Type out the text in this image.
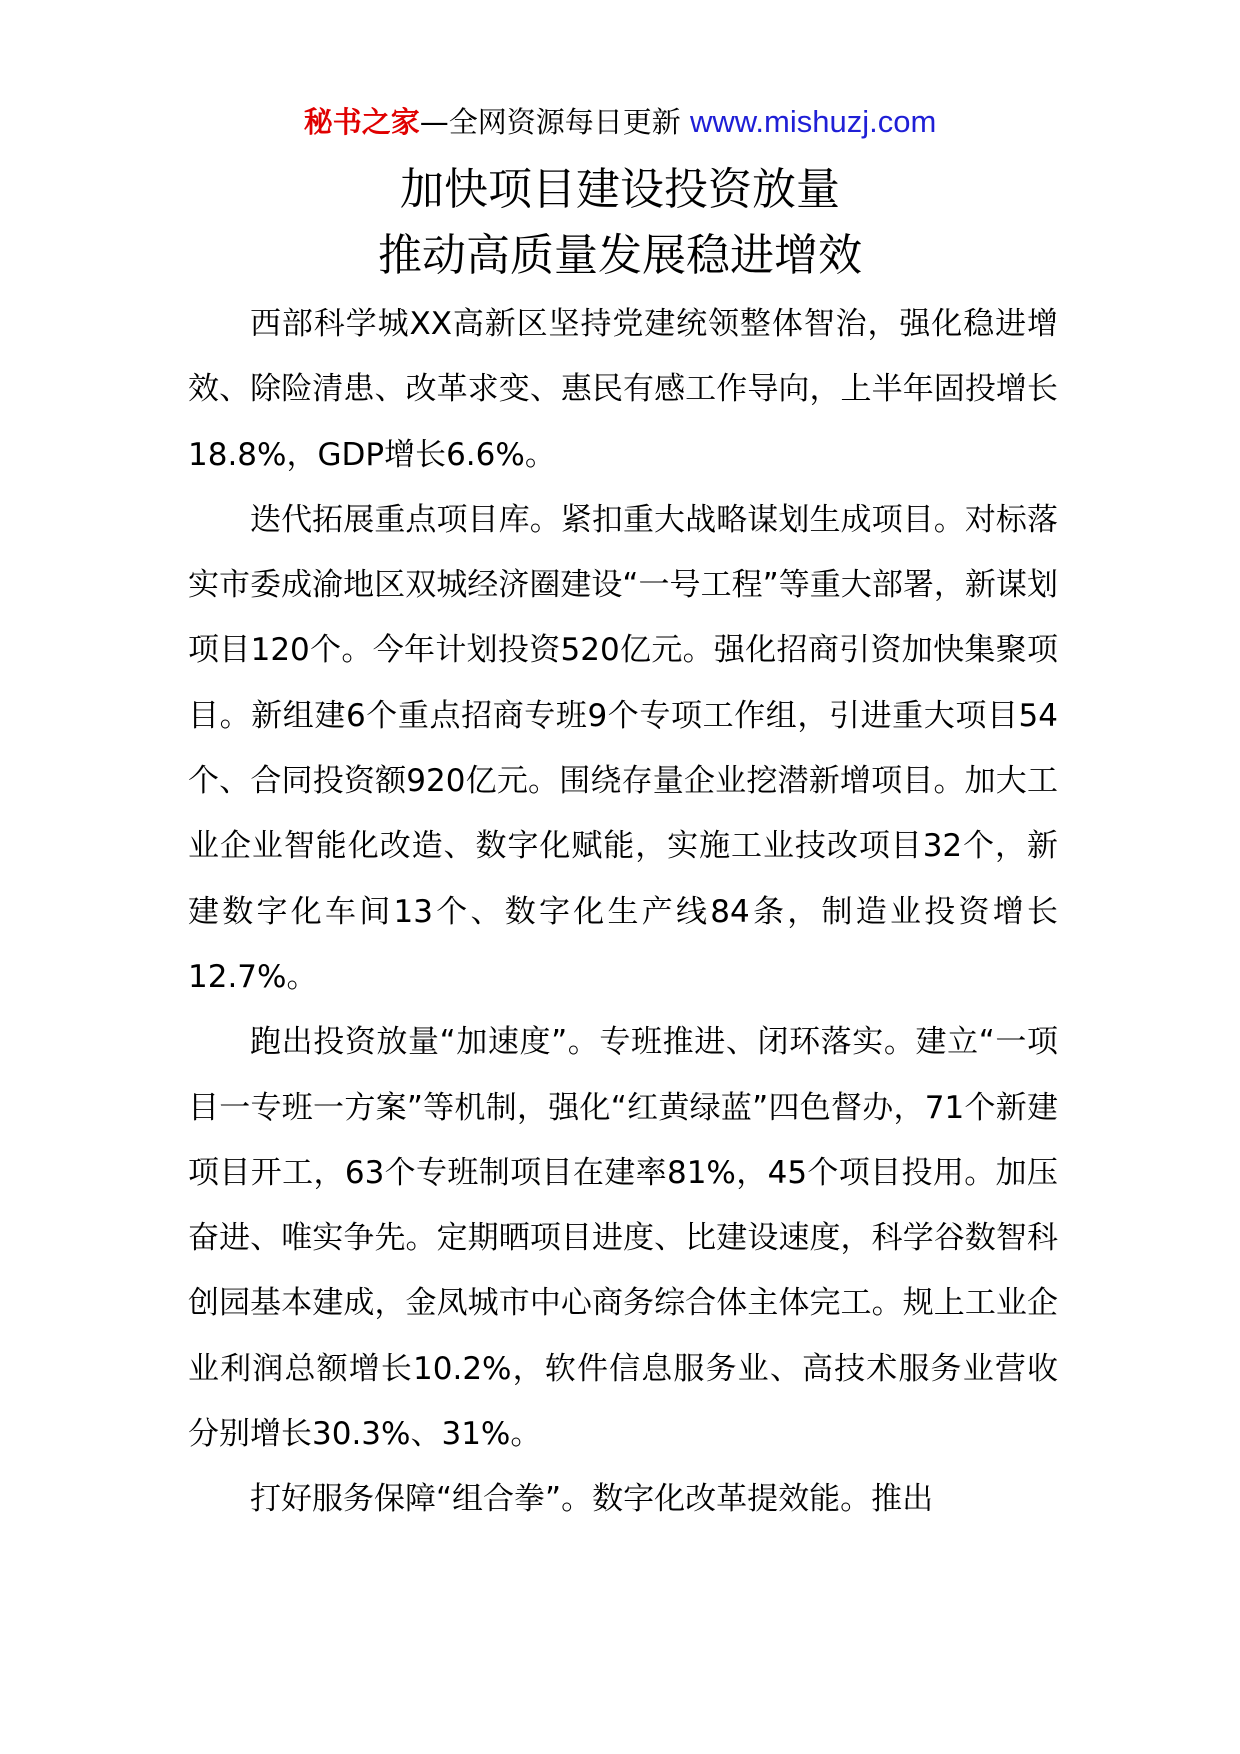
秘书之家—全网资源每日更新 www.mishuzj.com
加快项目建设投资放量
推动高质量发展稳进增效

西部科学城XX高新区坚持党建统领整体智治，强化稳进增效、除险清患、改革求变、惠民有感工作导向，上半年固投增长18.8%，GDP增长6.6%。

迭代拓展重点项目库。紧扣重大战略谋划生成项目。对标落实市委成渝地区双城经济圈建设“一号工程”等重大部署，新谋划项目120个。今年计划投资520亿元。强化招商引资加快集聚项目。新组建6个重点招商专班9个专项工作组，引进重大项目54个、合同投资额920亿元。围绕存量企业挖潜新增项目。加大工业企业智能化改造、数字化赋能，实施工业技改项目32个，新建数字化车间13个、数字化生产线84条，制造业投资增长12.7%。

跑出投资放量“加速度”。专班推进、闭环落实。建立“一项目一专班一方案”等机制，强化“红黄绿蓝”四色督办，71个新建项目开工，63个专班制项目在建率81%，45个项目投用。加压奋进、唯实争先。定期晒项目进度、比建设速度，科学谷数智科创园基本建成，金凤城市中心商务综合体主体完工。规上工业企业利润总额增长10.2%，软件信息服务业、高技术服务业营收分别增长30.3%、31%。

打好服务保障“组合拳”。数字化改革提效能。推出
